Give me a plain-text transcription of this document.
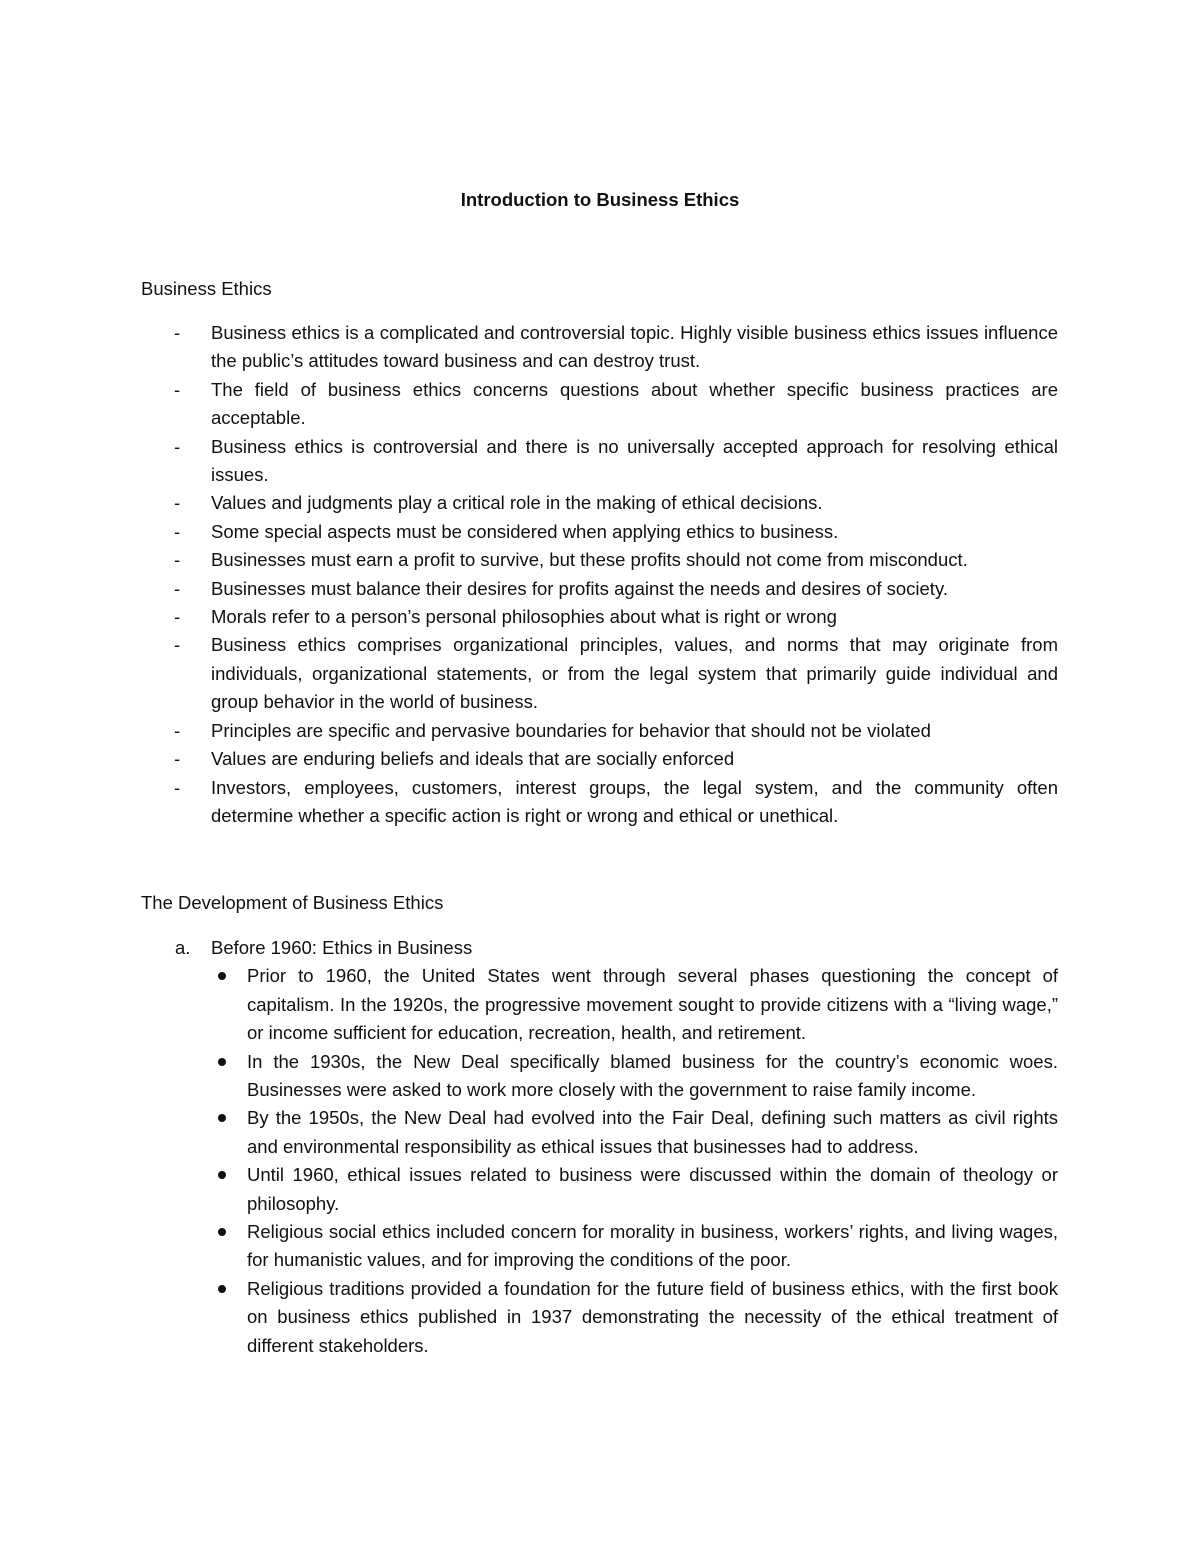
Introduction to Business Ethics
Business Ethics
- Business ethics is a complicated and controversial topic. Highly visible business ethics issues influence the public’s attitudes toward business and can destroy trust.
- The field of business ethics concerns questions about whether specific business practices are acceptable.
- Business ethics is controversial and there is no universally accepted approach for resolving ethical issues.
- Values and judgments play a critical role in the making of ethical decisions.
- Some special aspects must be considered when applying ethics to business.
- Businesses must earn a profit to survive, but these profits should not come from misconduct.
- Businesses must balance their desires for profits against the needs and desires of society.
- Morals refer to a person’s personal philosophies about what is right or wrong
- Business ethics comprises organizational principles, values, and norms that may originate from individuals, organizational statements, or from the legal system that primarily guide individual and group behavior in the world of business.
- Principles are specific and pervasive boundaries for behavior that should not be violated
- Values are enduring beliefs and ideals that are socially enforced
- Investors, employees, customers, interest groups, the legal system, and the community often determine whether a specific action is right or wrong and ethical or unethical.
The Development of Business Ethics
a. Before 1960: Ethics in Business
Prior to 1960, the United States went through several phases questioning the concept of capitalism. In the 1920s, the progressive movement sought to provide citizens with a “living wage,” or income sufficient for education, recreation, health, and retirement.
In the 1930s, the New Deal specifically blamed business for the country’s economic woes. Businesses were asked to work more closely with the government to raise family income.
By the 1950s, the New Deal had evolved into the Fair Deal, defining such matters as civil rights and environmental responsibility as ethical issues that businesses had to address.
Until 1960, ethical issues related to business were discussed within the domain of theology or philosophy.
Religious social ethics included concern for morality in business, workers’ rights, and living wages, for humanistic values, and for improving the conditions of the poor.
Religious traditions provided a foundation for the future field of business ethics, with the first book on business ethics published in 1937 demonstrating the necessity of the ethical treatment of different stakeholders.
